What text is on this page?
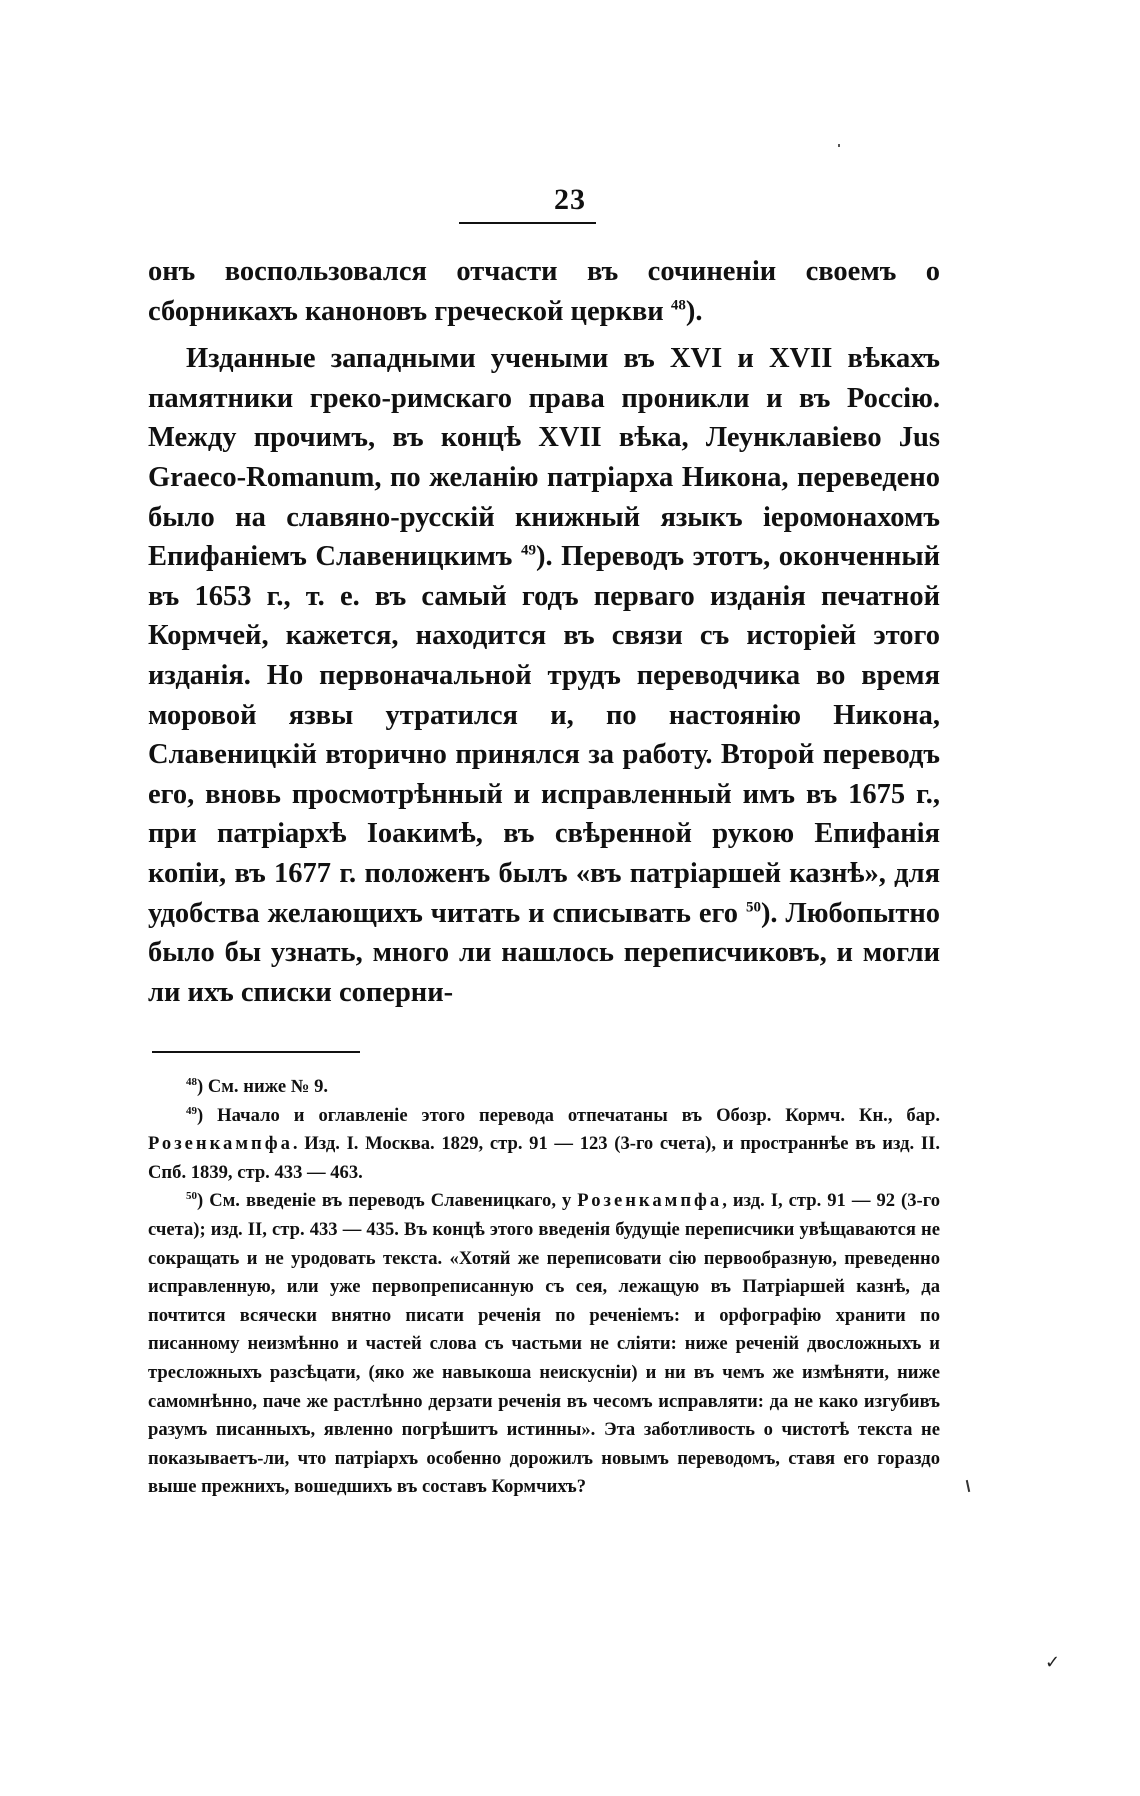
23

онъ воспользовался отчасти въ сочиненіи своемъ о сборникахъ каноновъ греческой церкви $^{48}$).

Изданные западными учеными въ XVI и XVII вѣкахъ памятники греко-римскаго права проникли и въ Россію. Между прочимъ, въ концѣ XVII вѣка, Леунклавіево Jus Graeco-Romanum, по желанію патріарха Никона, переведено было на славяно-русскій книжный языкъ іеромонахомъ Епифаніемъ Славеницкимъ $^{49}$). Переводъ этотъ, оконченный въ 1653 г., т. е. въ самый годъ перваго изданія печатной Кормчей, кажется, находится въ связи съ исторіей этого изданія. Но первоначальной трудъ переводчика во время моровой язвы утратился и, по настоянію Никона, Славеницкій вторично принялся за работу. Второй переводъ его, вновь просмотрѣнный и исправленный имъ въ 1675 г., при патріархѣ Іоакимѣ, въ свѣренной рукою Епифанія копіи, въ 1677 г. положенъ былъ «въ патріаршей казнѣ», для удобства желающихъ читать и списывать его $^{50}$). Любопытно было бы узнать, много ли нашлось переписчиковъ, и могли ли ихъ списки соперни-

$^{48}$) См. ниже № 9.

$^{49}$) Начало и оглавленіе этого перевода отпечатаны въ Обозр. Кормч. Кн., бар. Розенкампфа. Изд. I. Москва. 1829, стр. 91 — 123 (3-го счета), и пространнѣе въ изд. II. Спб. 1839, стр. 433 — 463.

$^{50}$) См. введеніе въ переводъ Славеницкаго, у Розенкампфа, изд. I, стр. 91 — 92 (3-го счета); изд. II, стр. 433 — 435. Въ концѣ этого введенія будущіе переписчики увѣщаваются не сокращать и не уродовать текста. «Хотяй же переписовати сію первообразную, преведенно исправленную, или уже первопреписанную съ сея, лежащую въ Патріаршей казнѣ, да почтится всячески внятно писати реченія по реченіемъ: и орфографію хранити по писанному неизмѣнно и частей слова съ частьми не сліяти: ниже реченій двосложныхъ и тресложныхъ разсѣцати, (яко же навыкоша неискусніи) и ни въ чемъ же измѣняти, ниже самомнѣнно, паче же растлѣнно дерзати реченія въ чесомъ исправляти: да не како изгубивъ разумъ писанныхъ, явленно погрѣшитъ истинны». Эта заботливость о чистотѣ текста не показываетъ-ли, что патріархъ особенно дорожилъ новымъ переводомъ, ставя его гораздо выше прежнихъ, вошедшихъ въ составъ Кормчихъ?

✓
